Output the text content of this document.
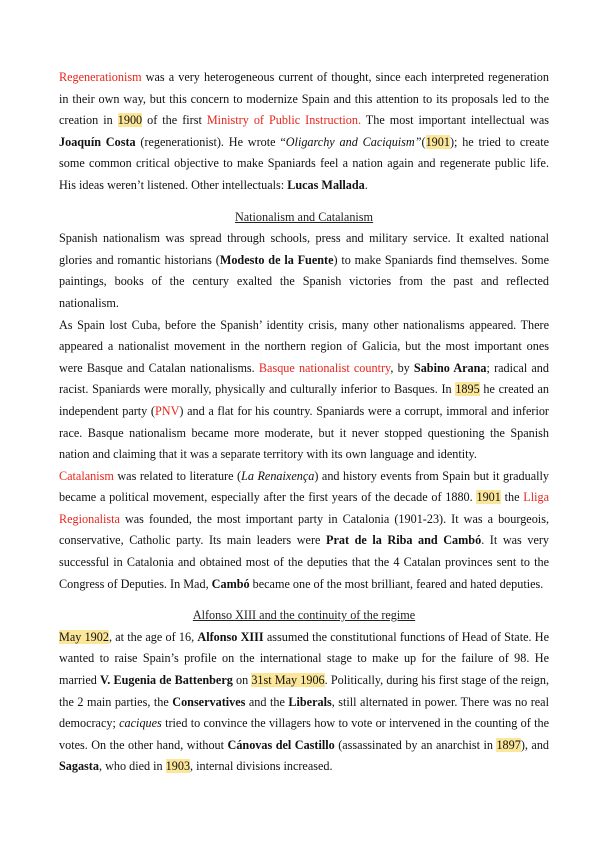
Regenerationism was a very heterogeneous current of thought, since each interpreted regeneration in their own way, but this concern to modernize Spain and this attention to its proposals led to the creation in 1900 of the first Ministry of Public Instruction. The most important intellectual was Joaquín Costa (regenerationist). He wrote “Oligarchy and Caciquism”(1901); he tried to create some common critical objective to make Spaniards feel a nation again and regenerate public life. His ideas weren’t listened. Other intellectuals: Lucas Mallada.

Nationalism and Catalanism

Spanish nationalism was spread through schools, press and military service. It exalted national glories and romantic historians (Modesto de la Fuente) to make Spaniards find themselves. Some paintings, books of the century exalted the Spanish victories from the past and reflected nationalism.

As Spain lost Cuba, before the Spanish’ identity crisis, many other nationalisms appeared. There appeared a nationalist movement in the northern region of Galicia, but the most important ones were Basque and Catalan nationalisms. Basque nationalist country, by Sabino Arana; radical and racist. Spaniards were morally, physically and culturally inferior to Basques. In 1895 he created an independent party (PNV) and a flat for his country. Spaniards were a corrupt, immoral and inferior race. Basque nationalism became more moderate, but it never stopped questioning the Spanish nation and claiming that it was a separate territory with its own language and identity.

Catalanism was related to literature (La Renaixença) and history events from Spain but it gradually became a political movement, especially after the first years of the decade of 1880. 1901 the Lliga Regionalista was founded, the most important party in Catalonia (1901-23). It was a bourgeois, conservative, Catholic party. Its main leaders were Prat de la Riba and Cambó. It was very successful in Catalonia and obtained most of the deputies that the 4 Catalan provinces sent to the Congress of Deputies. In Mad, Cambó became one of the most brilliant, feared and hated deputies.

Alfonso XIII and the continuity of the regime

May 1902, at the age of 16, Alfonso XIII assumed the constitutional functions of Head of State. He wanted to raise Spain’s profile on the international stage to make up for the failure of 98. He married V. Eugenia de Battenberg on 31st May 1906. Politically, during his first stage of the reign, the 2 main parties, the Conservatives and the Liberals, still alternated in power. There was no real democracy; caciques tried to convince the villagers how to vote or intervened in the counting of the votes. On the other hand, without Cánovas del Castillo (assassinated by an anarchist in 1897), and Sagasta, who died in 1903, internal divisions increased.
